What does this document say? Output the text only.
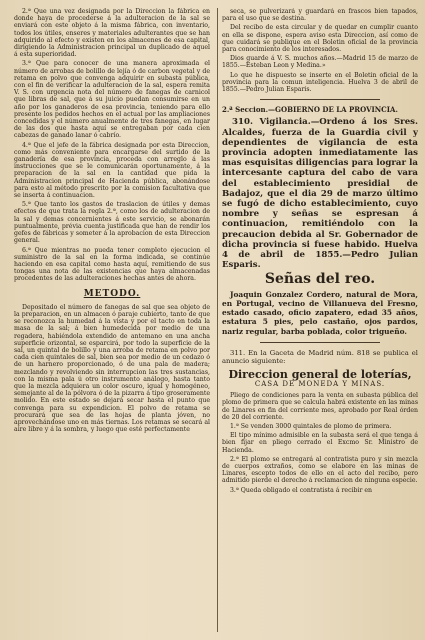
2.ª Que una vez designada por la Direccion la fábrica en donde haya de procederse á la adulteracion de la sal se enviará con este objeto á la misma fábrica, con inventario, todos los útiles, enseres y materiales adulterantes que se han adquirido al efecto y existen en los almacenes de esa capital, dirigiendo la Administracion principal un duplicado de aquel á esta superioridad.

3.ª Que para conocer de una manera aproximada el número de arrobas de bolillo de lejía ó de carbon vegetal y de retama en polvo que convenga adquirir en subasta pública, con el fin de verificar la adulteracion de la sal, espera remita V. S. con urgencia nota del número de fanegas de carnicol que libras de sal, que á su juicio puedan consumirse en un año por los ganaderos de esa provincia, teniendo para ello presente los pedidos hechos en el actual por las ampliaciones concedidas y el número anualmente de tres fanegas, en lugar de las dos que hasta aquí se entregaban por cada cien cabezas de ganado lanar ó cabrío.

4.ª Que el jefe de la fábrica designada por esta Direccion, como más conveniente para encargarse del surtido de la ganadería de esa provincia, proceda con arreglo á las instrucciones que se le comunicarán oportunamente, á la preparacion de la sal en la cantidad que pida la Administracion principal de Hacienda pública, abonándose para esto al método prescrito por la comision facultativa que se inserta á continuacion.

5.ª Que tanto los gastos de traslacion de útiles y demas efectos de que trata la regla 2.ª, como los de adulteracion de la sal y demas concernientes á este servicio, se abonarán puntualmente, prévia cuenta justificada que han de rendir los gefes de fábricas y someter á la aprobacion de esta Direccion general.

6.ª Que mientras no pueda tener completo ejecucion el suministro de la sal en la forma indicada, se continúe haciendo en esa capital como hasta aquí, remitiendo de sus tongas una nota de las existencias que haya almacenadas procedentes de las adulteraciones hechas antes de ahora.

METODO.

Depositado el número de fanegas de sal que sea objeto de la preparacion, en un almacen ó paraje cubierto, tanto de que se reconozca la humedad á la vista y por el tacto en toda la masa de la sal; á bien humedecida por medio de una regadera, habiéndola extendido de antemano en una ancha superficie orizontal, se esparcirá, por todo la superficie de la sal, un quintal de bolillo y una arroba de retama en polvo por cada cien quintales de sal, bien sea por medio de un cedazo ó de un harnero proporcionado, ó de una pala de madera; mezclando y revolviendo sin interrupcion las tres sustancias, con la misma pala ú otro instrumento análogo, hasta tanto que la mezcla adquiera un color oscuro, igual y homogéneo, semejante al de la pólvora ó de la pizarra á tipo groseramente molido. En este estado se dejará secar hasta el punto que convenga para su expendicion. El polvo de retama se procurará que sea de las hojas de planta jóven, no aprovechándose uno en más tiernas. Los retamas se secará al aire libre y á la sombra, y luego que esté perfectamente

seca, se pulverizará y guardará en frascos bien tapados, para el uso que se destina.

Del recibo de esta circular y de quedar en cumplir cuanto en ella se dispone, espera aviso esta Direccion, así como de que cuidará se publique en el Boletin oficial de la provincia para conocimiento de los interesados.

Dios guarde á V. S. muchos años.—Madrid 15 de marzo de 1855.—Esteban Leon y Medina.»

Lo que he dispuesto se inserte en el Boletin oficial de la provincia para la comun inteligencia. Huelva 3 de abril de 1855.—Pedro Julian Esparis.

2.ª Seccion.—GOBIERNO DE LA PROVINCIA.

310. Vigilancia.—Ordeno á los Sres. Alcaldes, fuerza de la Guardia civil y dependientes de vigilancia de esta provincia adopten inmediatamente las mas esquisitas diligencias para lograr la intercesante captura del cabo de vara del establecimiento presidial de Badajoz, que el dia 29 de marzo último se fugó de dicho establecimiento, cuyo nombre y señas se espresan á continuacion, remitiéndolo con la precaucion debida al Sr. Gobernador de dicha provincia si fuese habido. Huelva 4 de abril de 1855.—Pedro Julian Esparis.

Señas del reo.

Joaquin Gonzalez Cordero, natural de Mora, en Portugal, vecino de Villanueva del Fresno, estado casado, oficio zapatero, edad 35 años, estatura 5 pies, pelo castaño, ojos pardos, nariz regular, barba poblada, color trigueño.

311. En la Gaceta de Madrid núm. 818 se publica el anuncio siguiente:

Direccion general de loterías,
CASA DE MONEDA Y MINAS.

Pliego de condiciones para la venta en subasta pública del plomo de primera que se calcula habrá existente en las minas de Linares en fin del corriente mes, aprobado por Real órden de 20 del corriente.

1.ª Se venden 3000 quintales de plomo de primera.

El tipo mínimo admisible en la subasta será el que tenga á bien fijar en pliego cerrado el Excmo Sr. Ministro de Hacienda.

2.ª El plomo se entregará al contratista puro y sin mezcla de cuerpos extraños, como se elabore en las minas de Linares, escepto todos de ello en el acto del recibo, pero admitido pierde el derecho á reclamacion de ninguna especie.

3.ª Queda obligado el contratista á recibir en
